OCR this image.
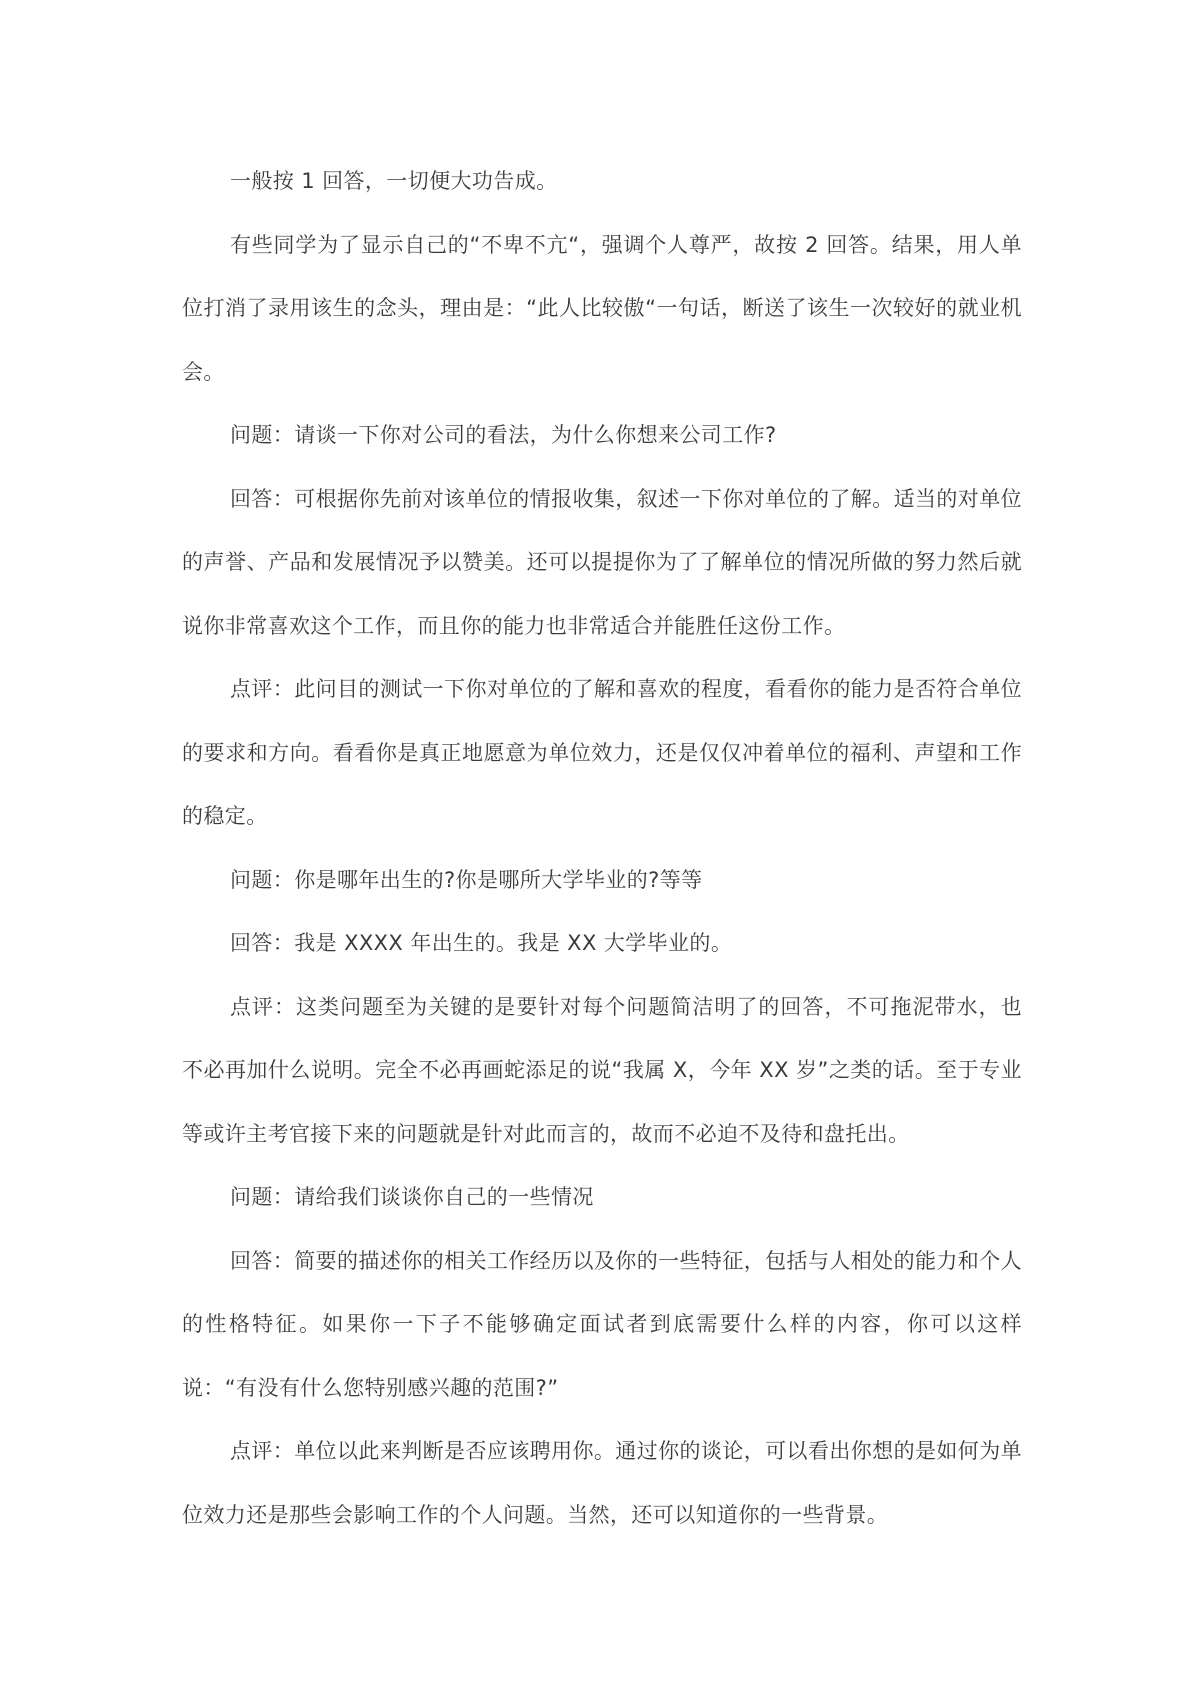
一般按 1 回答，一切便大功告成。

有些同学为了显示自己的“不卑不亢“，强调个人尊严，故按 2 回答。结果，用人单位打消了录用该生的念头，理由是：“此人比较傲“一句话，断送了该生一次较好的就业机会。

问题：请谈一下你对公司的看法，为什么你想来公司工作?

回答：可根据你先前对该单位的情报收集，叙述一下你对单位的了解。适当的对单位的声誉、产品和发展情况予以赞美。还可以提提你为了了解单位的情况所做的努力然后就说你非常喜欢这个工作，而且你的能力也非常适合并能胜任这份工作。

点评：此问目的测试一下你对单位的了解和喜欢的程度，看看你的能力是否符合单位的要求和方向。看看你是真正地愿意为单位效力，还是仅仅冲着单位的福利、声望和工作的稳定。

问题：你是哪年出生的?你是哪所大学毕业的?等等

回答：我是 XXXX 年出生的。我是 XX 大学毕业的。

点评：这类问题至为关键的是要针对每个问题简洁明了的回答，不可拖泥带水，也 不必再加什么说明。完全不必再画蛇添足的说“我属 X，今年 XX 岁”之类的话。至于专业等或许主考官接下来的问题就是针对此而言的，故而不必迫不及待和盘托出。

问题：请给我们谈谈你自己的一些情况

回答：简要的描述你的相关工作经历以及你的一些特征，包括与人相处的能力和个人的性格特征。如果你一下子不能够确定面试者到底需要什么样的内容，你可以这样说：“有没有什么您特别感兴趣的范围?”

点评：单位以此来判断是否应该聘用你。通过你的谈论，可以看出你想的是如何为单位效力还是那些会影响工作的个人问题。当然，还可以知道你的一些背景。
